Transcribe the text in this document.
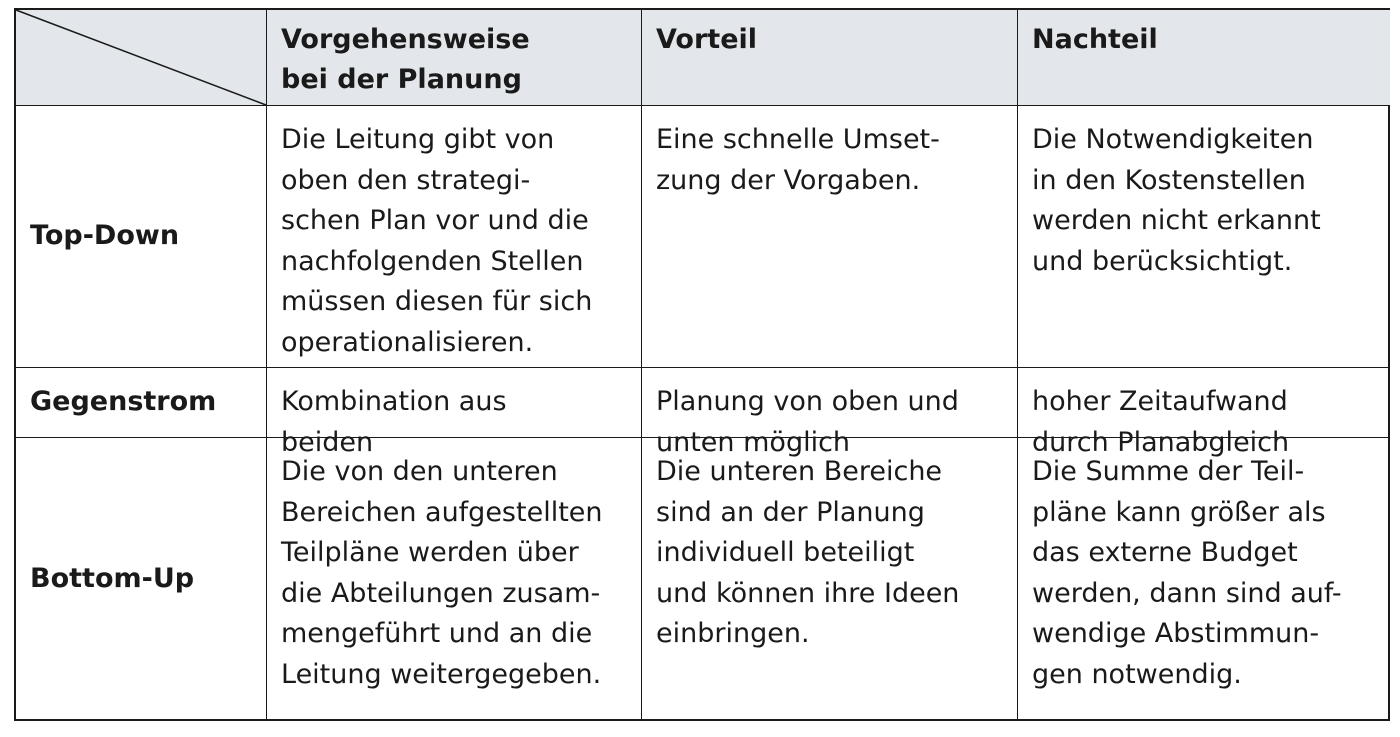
Vorgehensweise
bei der Planung
Vorteil	Nachteil
Top-Down
Die Leitung gibt von
oben den strategi-
schen Plan vor und die
nachfolgenden Stellen
müssen diesen für sich
operationalisieren.
Eine schnelle Umset-
zung der Vorgaben.
Die Notwendigkeiten
in den Kostenstellen
werden nicht erkannt
und berücksichtigt.
Gegenstrom	Kombination aus
beiden
Planung von oben und
unten möglich
hoher Zeitaufwand
durch Planabgleich
Bottom-Up
Die von den unteren
Bereichen aufgestellten
Teilpläne werden über
die Abteilungen zusam-
mengeführt und an die
Leitung weitergegeben.
Die unteren Bereiche
sind an der Planung
individuell beteiligt
und können ihre Ideen
einbringen.
Die Summe der Teil-
pläne kann größer als
das externe Budget
werden, dann sind auf-
wendige Abstimmun-
gen notwendig.
